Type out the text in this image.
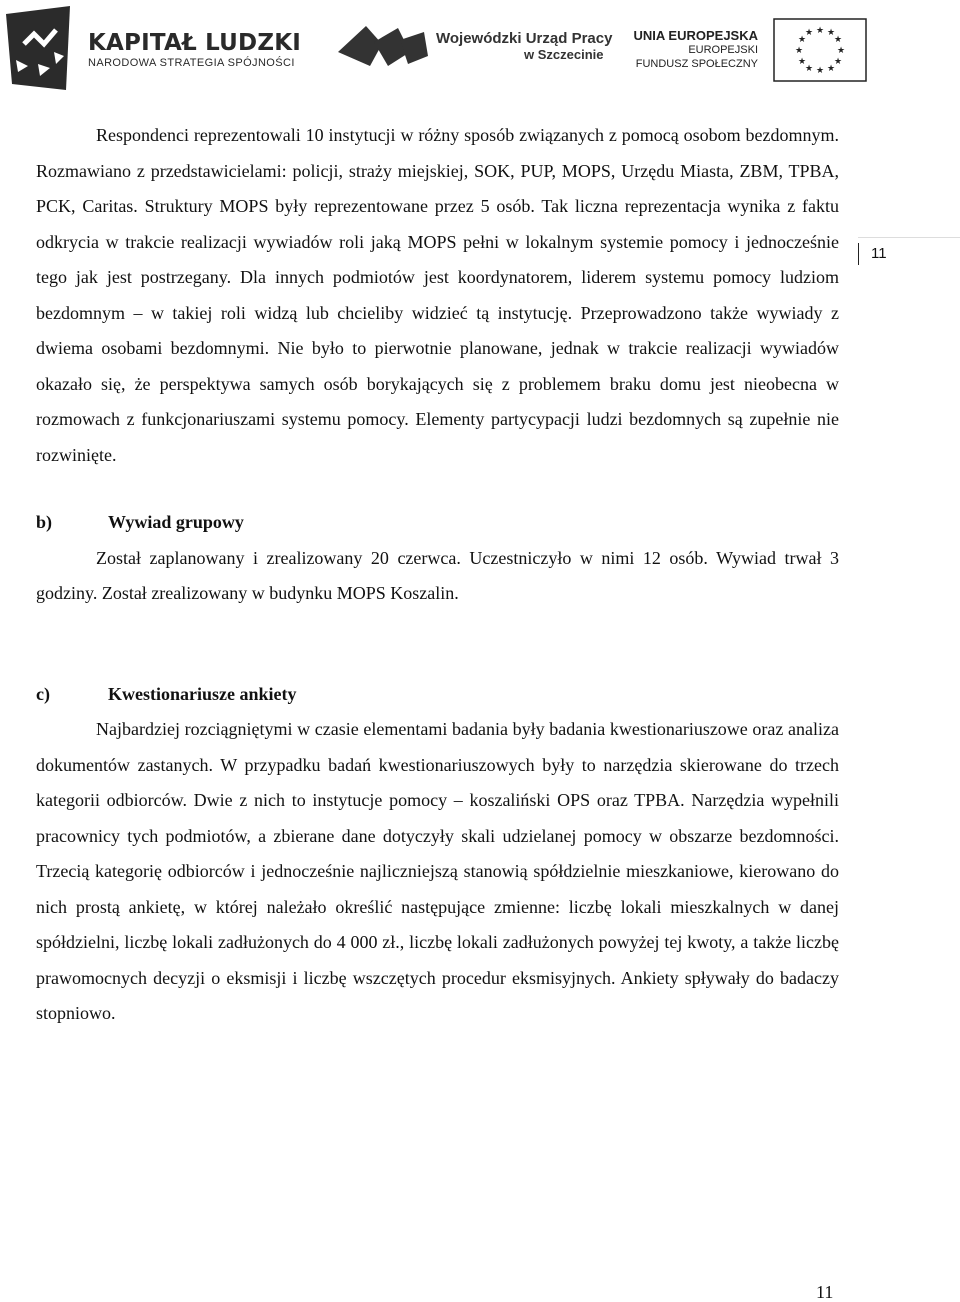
KAPITAŁ LUDZKI
NARODOWA STRATEGIA SPÓJNOŚCI
Wojewódzki Urząd Pracy
w Szczecinie
UNIA EUROPEJSKA
EUROPEJSKI
FUNDUSZ SPOŁECZNY
★ ★
★
★
★
★
★
★
★
★
★
★
11

Respondenci reprezentowali 10 instytucji w różny sposób związanych z pomocą osobom bezdomnym. Rozmawiano z przedstawicielami: policji, straży miejskiej, SOK, PUP, MOPS, Urzędu Miasta, ZBM, TPBA, PCK, Caritas. Struktury MOPS były reprezentowane przez 5 osób. Tak liczna reprezentacja wynika z faktu odkrycia w trakcie realizacji wywiadów roli jaką MOPS pełni w lokalnym systemie pomocy i jednocześnie tego jak jest postrzegany. Dla innych podmiotów jest koordynatorem, liderem systemu pomocy ludziom bezdomnym – w takiej roli widzą lub chcieliby widzieć tą instytucję. Przeprowadzono także wywiady z dwiema osobami bezdomnymi. Nie było to pierwotnie planowane, jednak w trakcie realizacji wywiadów okazało się, że perspektywa samych osób borykających się z problemem braku domu jest nieobecna w rozmowach z funkcjonariuszami systemu pomocy. Elementy partycypacji ludzi bezdomnych są zupełnie nie rozwinięte.

b)	Wywiad grupowy

Został zaplanowany i zrealizowany 20 czerwca. Uczestniczyło w nimi 12 osób. Wywiad trwał 3 godziny. Został zrealizowany w budynku MOPS Koszalin.

c)	Kwestionariusze ankiety

Najbardziej rozciągniętymi w czasie elementami badania były badania kwestionariuszowe oraz analiza dokumentów zastanych. W przypadku badań kwestionariuszowych były to narzędzia skierowane do trzech kategorii odbiorców. Dwie z nich to instytucje pomocy – koszaliński OPS oraz TPBA. Narzędzia wypełnili pracownicy tych podmiotów, a zbierane dane dotyczyły skali udzielanej pomocy w obszarze bezdomności. Trzecią kategorię odbiorców i jednocześnie najliczniejszą stanowią spółdzielnie mieszkaniowe, kierowano do nich prostą ankietę, w której należało określić następujące zmienne: liczbę lokali mieszkalnych w danej spółdzielni, liczbę lokali zadłużonych do 4 000 zł., liczbę lokali zadłużonych powyżej tej kwoty, a także liczbę prawomocnych decyzji o eksmisji i liczbę wszczętych procedur eksmisyjnych. Ankiety spływały do badaczy stopniowo.

11
